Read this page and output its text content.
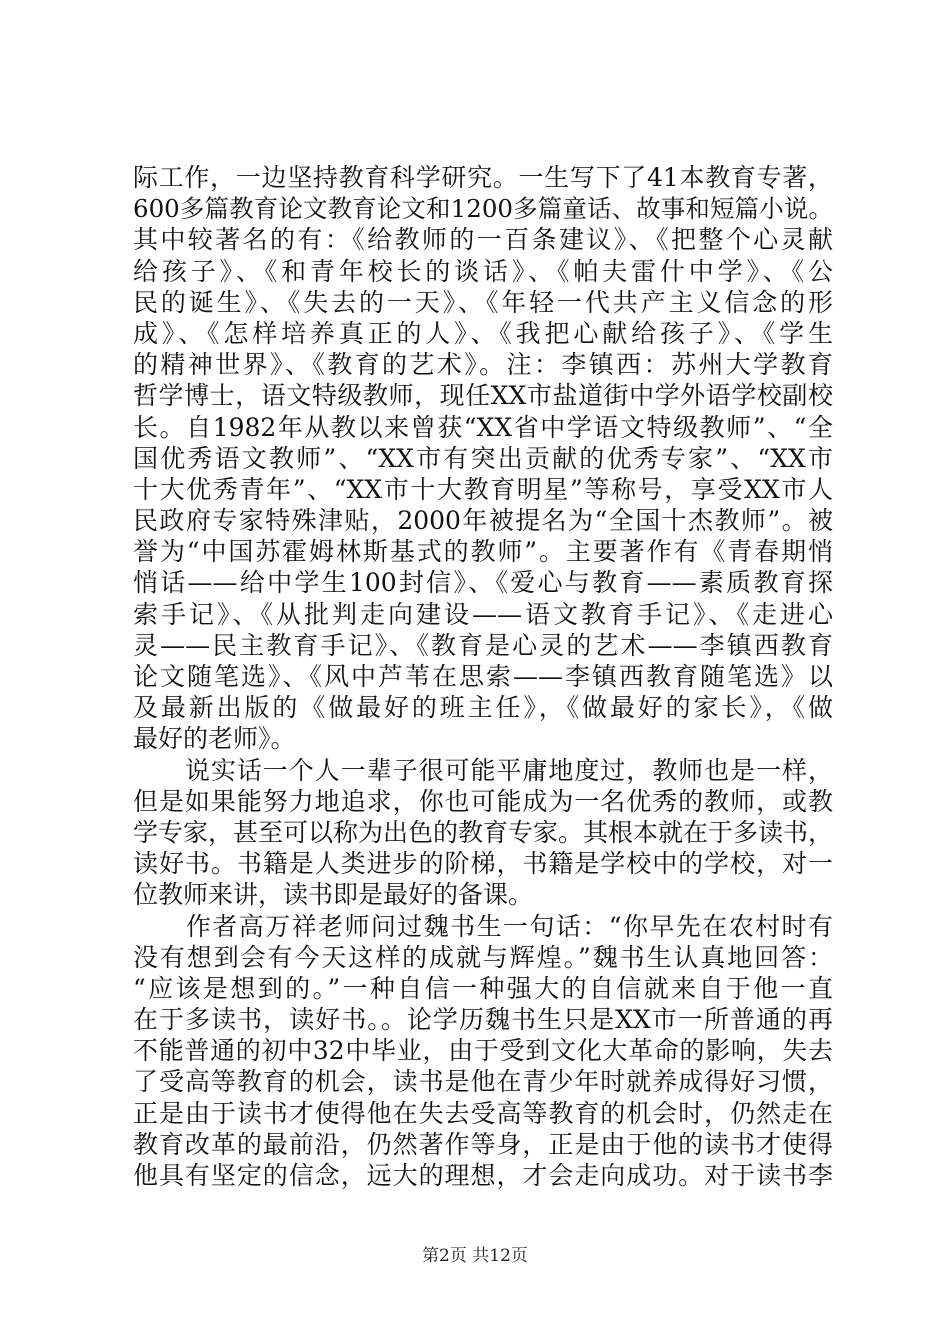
际工作，一边坚持教育科学研究。一生写下了41本教育专著，
600多篇教育论文教育论文和1200多篇童话、故事和短篇小说。
其中较著名的有：《给教师的一百条建议》、《把整个心灵献
给孩子》、《和青年校长的谈话》、《帕夫雷什中学》、《公
民的诞生》、《失去的一天》、《年轻一代共产主义信念的形
成》、《怎样培养真正的人》、《我把心献给孩子》、《学生
的精神世界》、《教育的艺术》。注：李镇西：苏州大学教育
哲学博士，语文特级教师，现任XX市盐道街中学外语学校副校
长。自1982年从教以来曾获“XX省中学语文特级教师”、“全
国优秀语文教师”、“XX市有突出贡献的优秀专家”、“XX市
十大优秀青年”、“XX市十大教育明星”等称号，享受XX市人
民政府专家特殊津贴，2000年被提名为“全国十杰教师”。被
誉为“中国苏霍姆林斯基式的教师”。主要著作有《青春期悄
悄话——给中学生100封信》、《爱心与教育——素质教育探
索手记》、《从批判走向建设——语文教育手记》、《走进心
灵——民主教育手记》、《教育是心灵的艺术——李镇西教育
论文随笔选》、《风中芦苇在思索——李镇西教育随笔选》以
及最新出版的《做最好的班主任》，《做最好的家长》，《做
最好的老师》。
　　说实话一个人一辈子很可能平庸地度过，教师也是一样，
但是如果能努力地追求，你也可能成为一名优秀的教师，或教
学专家，甚至可以称为出色的教育专家。其根本就在于多读书，
读好书。书籍是人类进步的阶梯，书籍是学校中的学校，对一
位教师来讲，读书即是最好的备课。
　　作者高万祥老师问过魏书生一句话：“你早先在农村时有
没有想到会有今天这样的成就与辉煌。”魏书生认真地回答：
“应该是想到的。”一种自信一种强大的自信就来自于他一直
在于多读书，读好书。。论学历魏书生只是XX市一所普通的再
不能普通的初中32中毕业，由于受到文化大革命的影响，失去
了受高等教育的机会，读书是他在青少年时就养成得好习惯，
正是由于读书才使得他在失去受高等教育的机会时，仍然走在
教育改革的最前沿，仍然著作等身，正是由于他的读书才使得
他具有坚定的信念，远大的理想，才会走向成功。对于读书李
第2页 共12页
